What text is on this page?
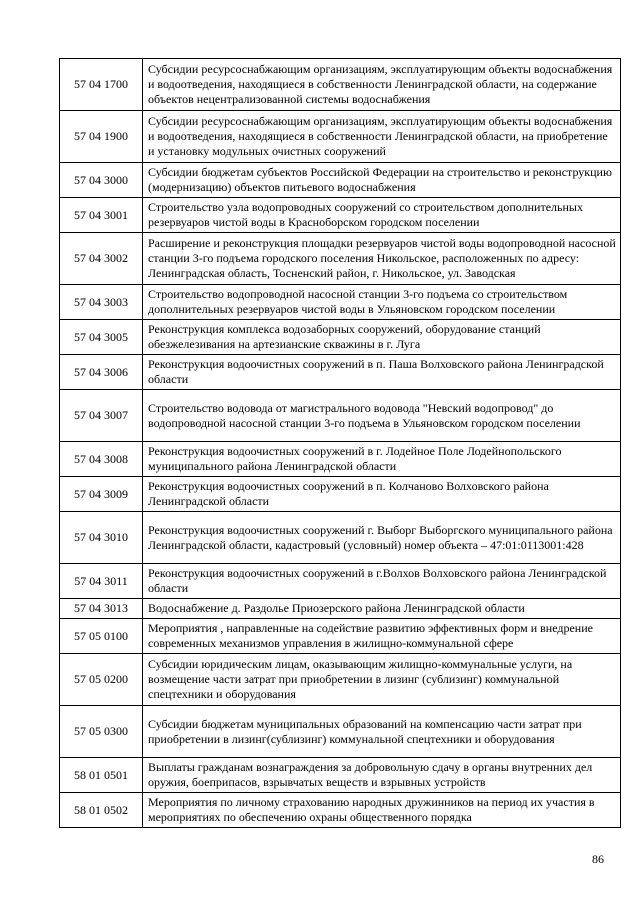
57 04 1700	Субсидии ресурсоснабжающим организациям, эксплуатирующим объекты водоснабжения и водоотведения, находящиеся в собственности Ленинградской области, на содержание объектов нецентрализованной системы водоснабжения
57 04 1900	Субсидии ресурсоснабжающим организациям, эксплуатирующим объекты водоснабжения и водоотведения, находящиеся в собственности Ленинградской области, на приобретение и установку модульных очистных сооружений
57 04 3000	Субсидии бюджетам субъектов Российской Федерации на строительство и реконструкцию (модернизацию) объектов питьевого водоснабжения
57 04 3001	Строительство узла водопроводных сооружений со строительством дополнительных резервуаров чистой воды в Красноборском городском поселении
57 04 3002	Расширение и реконструкция площадки резервуаров чистой воды водопроводной насосной станции 3-го подъема городского поселения Никольское, расположенных по адресу: Ленинградская область, Тосненский район, г. Никольское, ул. Заводская
57 04 3003	Строительство водопроводной насосной станции 3-го подъема со строительством дополнительных резервуаров чистой воды в Ульяновском городском поселении
57 04 3005	Реконструкция комплекса водозаборных сооружений, оборудование станций обезжелезивания на артезианские скважины в г. Луга
57 04 3006	Реконструкция водоочистных сооружений в п. Паша Волховского района Ленинградской области
57 04 3007	Строительство водовода от магистрального водовода "Невский водопровод" до водопроводной насосной станции 3-го подъема в Ульяновском городском поселении
57 04 3008	Реконструкция водоочистных сооружений в г. Лодейное Поле Лодейнопольского муниципального района Ленинградской области
57 04 3009	Реконструкция водоочистных сооружений в п. Колчаново Волховского района Ленинградской области
57 04 3010	Реконструкция водоочистных сооружений г. Выборг Выборгского муниципального района Ленинградской области, кадастровый (условный) номер объекта – 47:01:0113001:428
57 04 3011	Реконструкция водоочистных сооружений в г.Волхов Волховского района Ленинградской области
57 04 3013	Водоснабжение д. Раздолье Приозерского района Ленинградской области
57 05 0100	Мероприятия , направленные на содействие развитию эффективных форм и внедрение современных механизмов управления в жилищно-коммунальной сфере
57 05 0200	Субсидии юридическим лицам, оказывающим жилищно-коммунальные услуги, на возмещение части затрат при приобретении в лизинг (сублизинг) коммунальной спецтехники и оборудования
57 05 0300	Субсидии бюджетам муниципальных образований на компенсацию части затрат при приобретении в лизинг(сублизинг) коммунальной спецтехники и оборудования
58 01 0501	Выплаты гражданам вознаграждения за добровольную сдачу в органы внутренних дел оружия, боеприпасов, взрывчатых веществ и взрывных устройств
58 01 0502	Мероприятия по личному страхованию народных дружинников на период их участия в мероприятиях по обеспечению охраны общественного порядка
86
